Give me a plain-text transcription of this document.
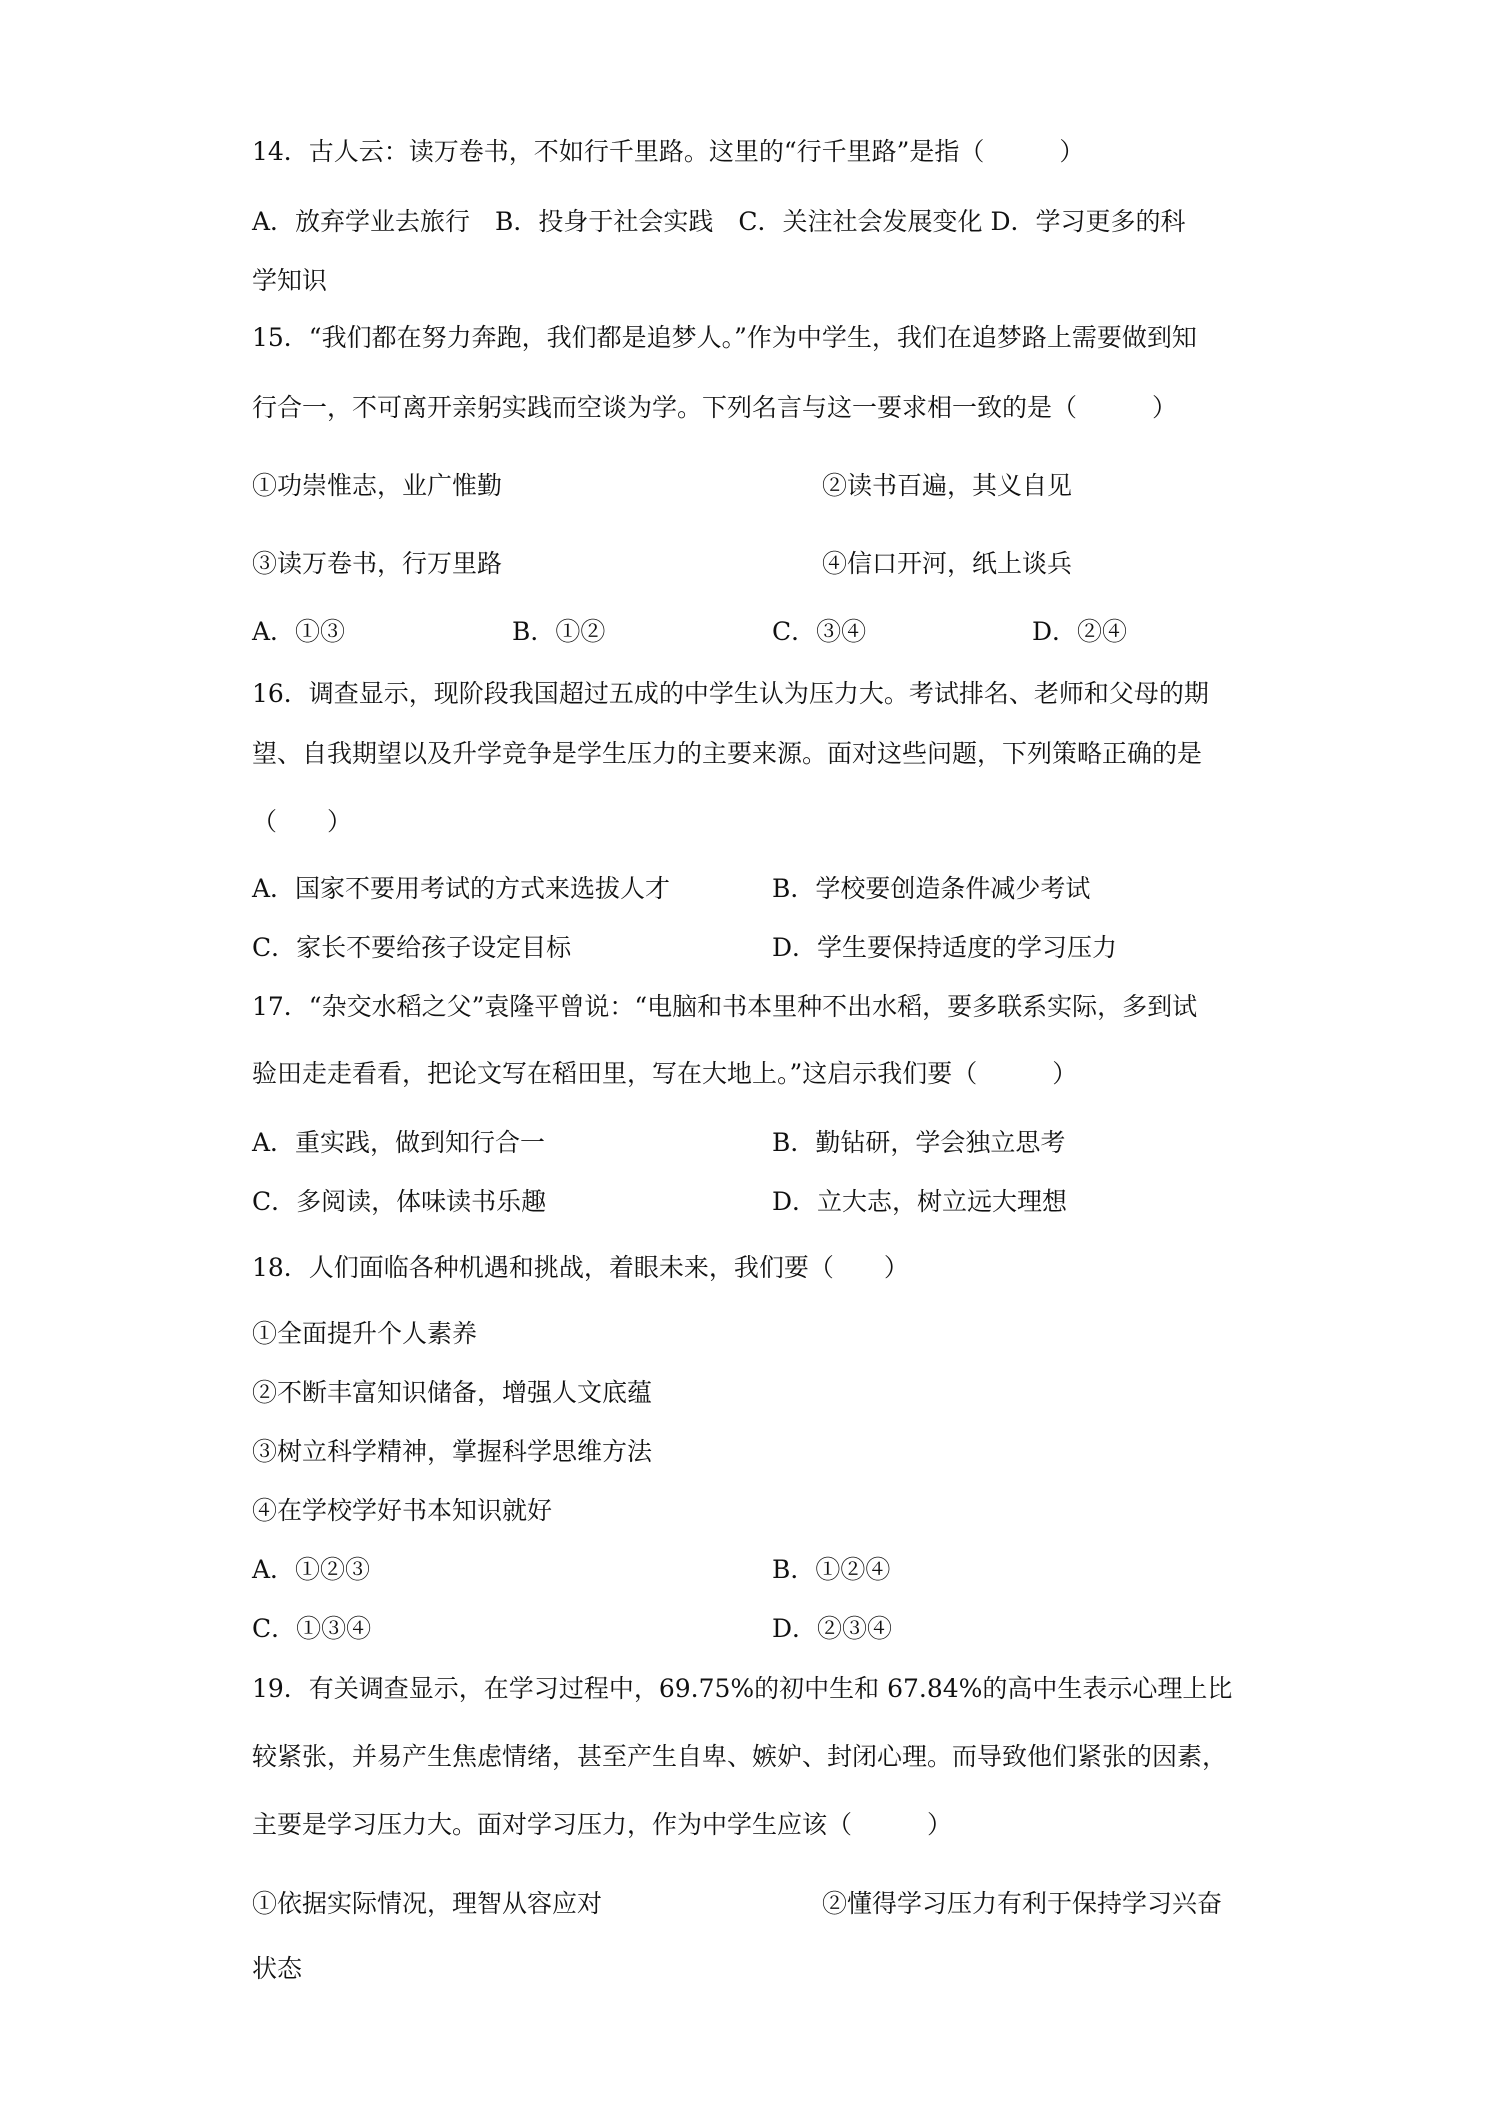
14．古人云：读万卷书，不如行千里路。这里的“行千里路”是指（　　　）
A．放弃学业去旅行　B．投身于社会实践　C．关注社会发展变化 D．学习更多的科
学知识
15．“我们都在努力奔跑，我们都是追梦人。”作为中学生，我们在追梦路上需要做到知
行合一，不可离开亲躬实践而空谈为学。下列名言与这一要求相一致的是（　　　）
①功崇惟志，业广惟勤	②读书百遍，其义自见
③读万卷书，行万里路	④信口开河，纸上谈兵
A．①③	B．①②	C．③④	D．②④
16．调查显示，现阶段我国超过五成的中学生认为压力大。考试排名、老师和父母的期
望、自我期望以及升学竞争是学生压力的主要来源。面对这些问题，下列策略正确的是
（　　）
A．国家不要用考试的方式来选拔人才	B．学校要创造条件减少考试
C．家长不要给孩子设定目标	D．学生要保持适度的学习压力
17．“杂交水稻之父”袁隆平曾说：“电脑和书本里种不出水稻，要多联系实际，多到试
验田走走看看，把论文写在稻田里，写在大地上。”这启示我们要（　　　）
A．重实践，做到知行合一	B．勤钻研，学会独立思考
C．多阅读，体味读书乐趣	D．立大志，树立远大理想
18．人们面临各种机遇和挑战，着眼未来，我们要（　　）
①全面提升个人素养
②不断丰富知识储备，增强人文底蕴
③树立科学精神，掌握科学思维方法
④在学校学好书本知识就好
A．①②③	B．①②④
C．①③④	D．②③④
19．有关调查显示，在学习过程中，69.75%的初中生和 67.84%的高中生表示心理上比
较紧张，并易产生焦虑情绪，甚至产生自卑、嫉妒、封闭心理。而导致他们紧张的因素，
主要是学习压力大。面对学习压力，作为中学生应该（　　　）
①依据实际情况，理智从容应对	②懂得学习压力有利于保持学习兴奋
状态
